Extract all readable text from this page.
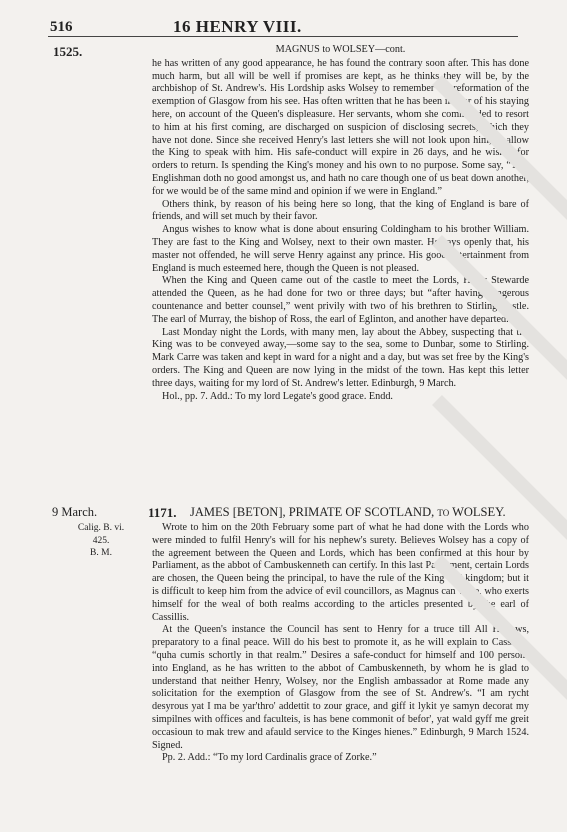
516	16 HENRY VIII.
1525.	MAGNUS to WOLSEY—cont.

he has written of any good appearance, he has found the contrary soon after. This has done much harm, but all will be well if promises are kept, as he thinks they will be, by the archbishop of St. Andrew's. His Lordship asks Wolsey to remember the reformation of the exemption of Glasgow from his see. Has often written that he has been in fear of his staying here, on account of the Queen's displeasure. Her servants, whom she commanded to resort to him at his first coming, are discharged on suspicion of disclosing secrets, which they have not done. Since she received Henry's last letters she will not look upon him, or allow the King to speak with him. His safe-conduct will expire in 26 days, and he wishes for orders to return. Is spending the King's money and his own to no purpose. Some say, “This Englishman doth no good amongst us, and hath no care though one of us beat down another, for we would be of the same mind and opinion if we were in England.”

Others think, by reason of his being here so long, that the king of England is bare of friends, and will set much by their favor.

Angus wishes to know what is done about ensuring Coldingham to his brother William. They are fast to the King and Wolsey, next to their own master. He says openly that, his master not offended, he will serve Henry against any prince. His good entertainment from England is much esteemed here, though the Queen is not pleased.

When the King and Queen came out of the castle to meet the Lords, Harry Stewarde attended the Queen, as he had done for two or three days; but “after having dangerous countenance and better counsel,” went privily with two of his brethren to Stirling Castle. The earl of Murray, the bishop of Ross, the earl of Eglinton, and another have departed.

Last Monday night the Lords, with many men, lay about the Abbey, suspecting that the King was to be conveyed away,—some say to the sea, some to Dunbar, some to Stirling. Mark Carre was taken and kept in ward for a night and a day, but was set free by the King's orders. The King and Queen are now lying in the midst of the town. Has kept this letter three days, waiting for my lord of St. Andrew's letter. Edinburgh, 9 March.

Hol., pp. 7. Add.: To my lord Legate's good grace. Endd.

9 March.	1171. JAMES [BETON], PRIMATE OF SCOTLAND, to WOLSEY.
Calig. B. vi.
425.
B. M.

Wrote to him on the 20th February some part of what he had done with the Lords who were minded to fulfil Henry's will for his nephew's surety. Believes Wolsey has a copy of the agreement between the Queen and Lords, which has been confirmed at this hour by Parliament, as the abbot of Cambuskenneth can certify. In this last Parliament, certain Lords are chosen, the Queen being the principal, to have the rule of the King and kingdom; but it is difficult to keep him from the advice of evil councillors, as Magnus can write, who exerts himself for the weal of both realms according to the articles presented by the earl of Cassillis.

At the Queen's instance the Council has sent to Henry for a truce till All Hallows, preparatory to a final peace. Will do his best to promote it, as he will explain to Cassillis, “quha cumis schortly in that realm.” Desires a safe-conduct for himself and 100 persons into England, as he has written to the abbot of Cambuskenneth, by whom he is glad to understand that neither Henry, Wolsey, nor the English ambassador at Rome made any solicitation for the exemption of Glasgow from the see of St. Andrew's. “I am rycht desyrous yat I ma be yar'thro' addettit to zour grace, and giff it lykit ye samyn decorat my simpilnes with offices and faculteis, is has bene commonit of befor', yat wald gyff me greit occasioun to mak trew and afauld service to the Kinges hienes.” Edinburgh, 9 March 1524. Signed.

Pp. 2. Add.: “To my lord Cardinalis grace of Zorke.”
